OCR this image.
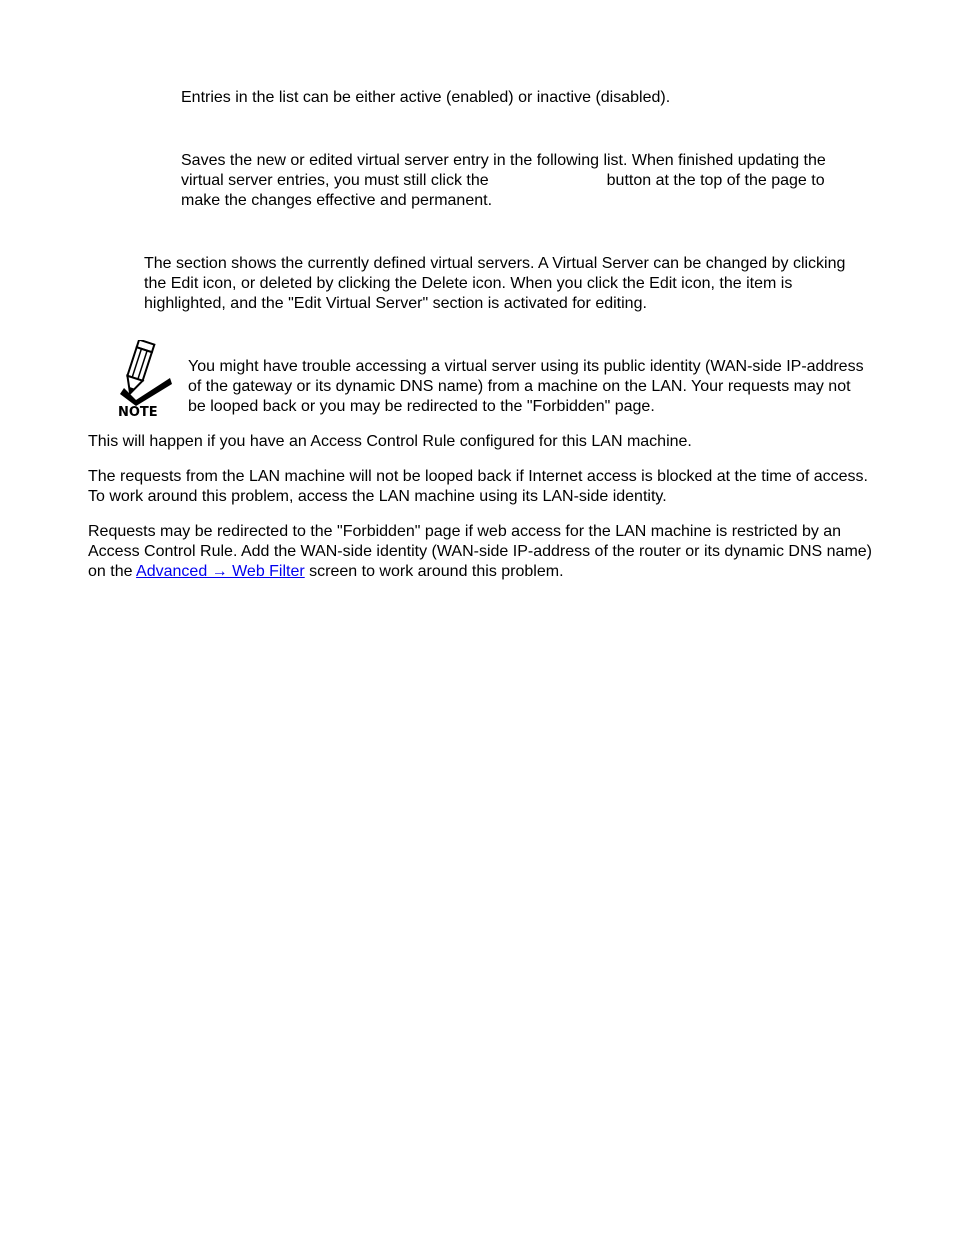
Entries in the list can be either active (enabled) or inactive (disabled).

Saves the new or edited virtual server entry in the following list. When finished updating the virtual server entries, you must still click the	button at the top of the page to make the changes effective and permanent.

The section shows the currently defined virtual servers. A Virtual Server can be changed by clicking the Edit icon, or deleted by clicking the Delete icon. When you click the Edit icon, the item is highlighted, and the "Edit Virtual Server" section is activated for editing.

NOTE

You might have trouble accessing a virtual server using its public identity (WAN-side IP-address of the gateway or its dynamic DNS name) from a machine on the LAN. Your requests may not be looped back or you may be redirected to the "Forbidden" page.

This will happen if you have an Access Control Rule configured for this LAN machine.

The requests from the LAN machine will not be looped back if Internet access is blocked at the time of access. To work around this problem, access the LAN machine using its LAN-side identity.

Requests may be redirected to the "Forbidden" page if web access for the LAN machine is restricted by an Access Control Rule. Add the WAN-side identity (WAN-side IP-address of the router or its dynamic DNS name) on the Advanced → Web Filter screen to work around this problem.
